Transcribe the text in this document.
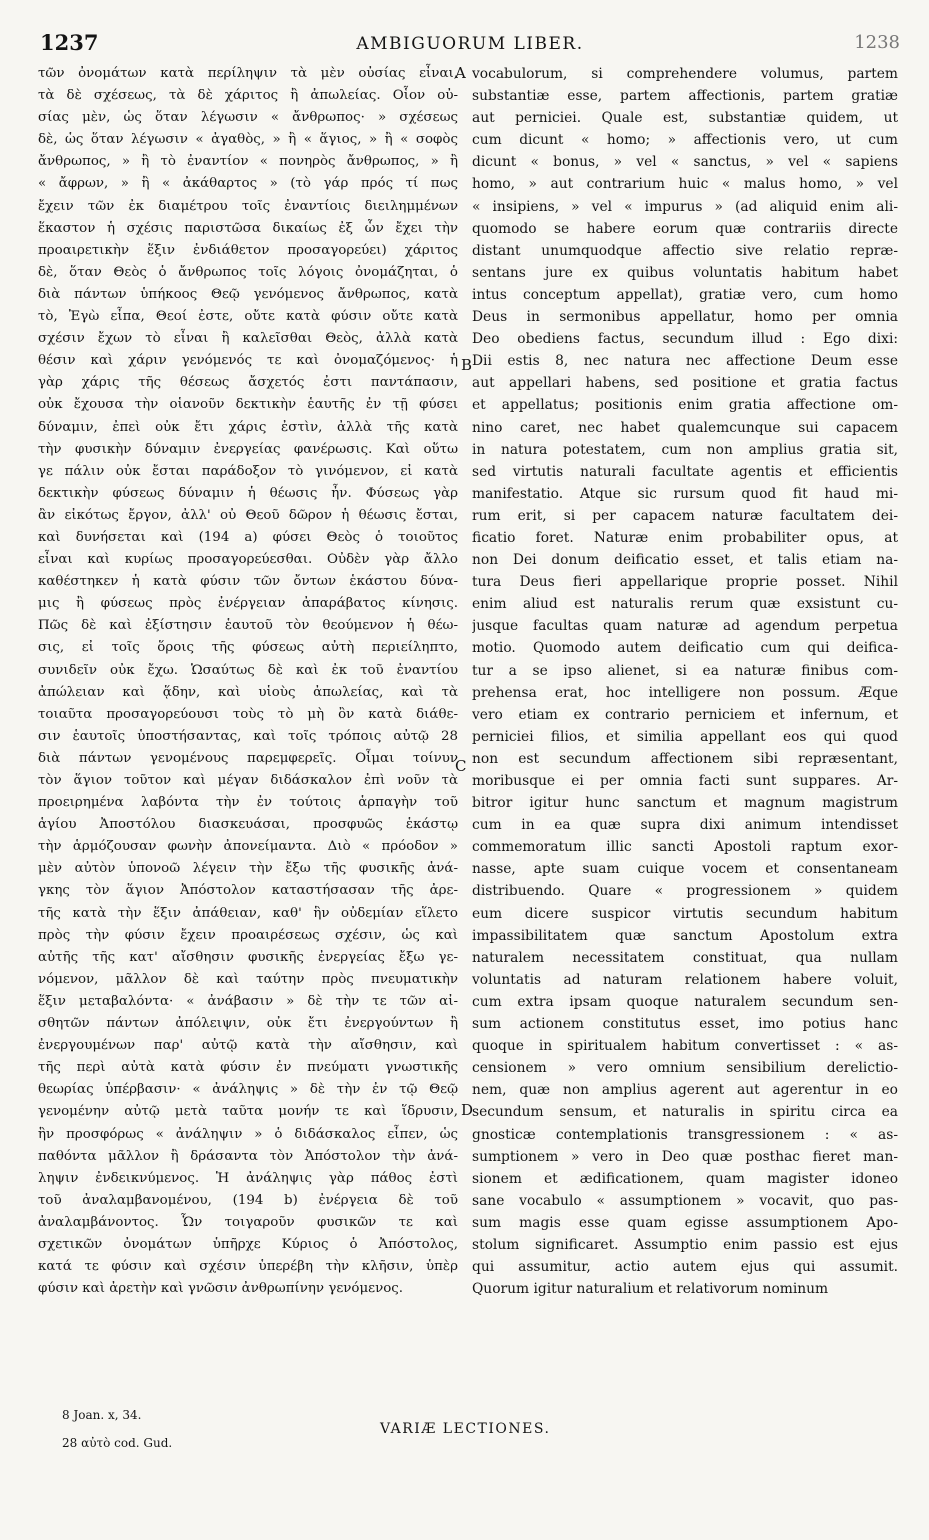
1237	AMBIGUORUM LIBER.	1238
τῶν ὀνομάτων κατὰ περίληψιν τὰ μὲν οὐσίας εἶναι,
τὰ δὲ σχέσεως, τὰ δὲ χάριτος ἢ ἀπωλείας. Οἷον οὐ-
σίας μὲν, ὡς ὅταν λέγωσιν « ἄνθρωπος· » σχέσεως
δὲ, ὡς ὅταν λέγωσιν « ἀγαθὸς, » ἢ « ἅγιος, » ἢ « σοφὸς
ἄνθρωπος, » ἢ τὸ ἐναντίον « πονηρὸς ἄνθρωπος, » ἢ
« ἄφρων, » ἢ « ἀκάθαρτος » (τὸ γάρ πρός τί πως
ἔχειν τῶν ἐκ διαμέτρου τοῖς ἐναντίοις διειλημμένων
ἕκαστον ἡ σχέσις παριστῶσα δικαίως ἐξ ὧν ἔχει τὴν
προαιρετικὴν ἕξιν ἐνδιάθετον προσαγορεύει) χάριτος
δὲ, ὅταν Θεὸς ὁ ἄνθρωπος τοῖς λόγοις ὀνομάζηται, ὁ
διὰ πάντων ὑπήκοος Θεῷ γενόμενος ἄνθρωπος, κατὰ
τὸ, Ἐγὼ εἶπα, Θεοί ἐστε, οὔτε κατὰ φύσιν οὔτε κατὰ
σχέσιν ἔχων τὸ εἶναι ἢ καλεῖσθαι Θεὸς, ἀλλὰ κατὰ
θέσιν καὶ χάριν γενόμενός τε καὶ ὀνομαζόμενος· ἡ
γὰρ χάρις τῆς θέσεως ἄσχετός ἐστι παντάπασιν,
οὐκ ἔχουσα τὴν οἱανοῦν δεκτικὴν ἑαυτῆς ἐν τῇ φύσει
δύναμιν, ἐπεὶ οὐκ ἔτι χάρις ἐστὶν, ἀλλὰ τῆς κατὰ
τὴν φυσικὴν δύναμιν ἐνεργείας φανέρωσις. Καὶ οὕτω
γε πάλιν οὐκ ἔσται παράδοξον τὸ γινόμενον, εἰ κατὰ
δεκτικὴν φύσεως δύναμιν ἡ θέωσις ἦν. Φύσεως γὰρ
ἂν εἰκότως ἔργον, ἀλλ' οὐ Θεοῦ δῶρον ἡ θέωσις ἔσται,
καὶ δυνήσεται καὶ (194 a) φύσει Θεὸς ὁ τοιοῦτος
εἶναι καὶ κυρίως προσαγορεύεσθαι. Οὐδὲν γὰρ ἄλλο
καθέστηκεν ἡ κατὰ φύσιν τῶν ὄντων ἑκάστου δύνα-
μις ἢ φύσεως πρὸς ἐνέργειαν ἀπαράβατος κίνησις.
Πῶς δὲ καὶ ἐξίστησιν ἑαυτοῦ τὸν θεούμενον ἡ θέω-
σις, εἰ τοῖς ὅροις τῆς φύσεως αὐτὴ περιείληπτο,
συνιδεῖν οὐκ ἔχω. Ὡσαύτως δὲ καὶ ἐκ τοῦ ἐναντίου
ἀπώλειαν καὶ ᾅδην, καὶ υἱοὺς ἀπωλείας, καὶ τὰ
τοιαῦτα προσαγορεύουσι τοὺς τὸ μὴ ὂν κατὰ διάθε-
σιν ἑαυτοῖς ὑποστήσαντας, καὶ τοῖς τρόποις αὐτῷ 28
διὰ πάντων γενομένους παρεμφερεῖς. Οἶμαι τοίνυν
τὸν ἅγιον τοῦτον καὶ μέγαν διδάσκαλον ἐπὶ νοῦν τὰ
προειρημένα λαβόντα τὴν ἐν τούτοις ἁρπαγὴν τοῦ
ἁγίου Ἀποστόλου διασκευάσαι, προσφυῶς ἑκάστῳ
τὴν ἁρμόζουσαν φωνὴν ἀπονείμαντα. Διὸ « πρόοδον »
μὲν αὐτὸν ὑπονοῶ λέγειν τὴν ἔξω τῆς φυσικῆς ἀνά-
γκης τὸν ἅγιον Ἀπόστολον καταστήσασαν τῆς ἀρε-
τῆς κατὰ τὴν ἕξιν ἀπάθειαν, καθ' ἣν οὐδεμίαν εἵλετο
πρὸς τὴν φύσιν ἔχειν προαιρέσεως σχέσιν, ὡς καὶ
αὐτῆς τῆς κατ' αἴσθησιν φυσικῆς ἐνεργείας ἔξω γε-
νόμενον, μᾶλλον δὲ καὶ ταύτην πρὸς πνευματικὴν
ἕξιν μεταβαλόντα· « ἀνάβασιν » δὲ τὴν τε τῶν αἰ-
σθητῶν πάντων ἀπόλειψιν, οὐκ ἔτι ἐνεργούντων ἢ
ἐνεργουμένων παρ' αὐτῷ κατὰ τὴν αἴσθησιν, καὶ
τῆς περὶ αὐτὰ κατὰ φύσιν ἐν πνεύματι γνωστικῆς
θεωρίας ὑπέρβασιν· « ἀνάληψις » δὲ τὴν ἐν τῷ Θεῷ
γενομένην αὐτῷ μετὰ ταῦτα μονήν τε καὶ ἵδρυσιν,
ἣν προσφόρως « ἀνάληψιν » ὁ διδάσκαλος εἶπεν, ὡς
παθόντα μᾶλλον ἢ δράσαντα τὸν Ἀπόστολον τὴν ἀνά-
ληψιν ἐνδεικνύμενος. Ἡ ἀνάληψις γὰρ πάθος ἐστὶ
τοῦ ἀναλαμβανομένου, (194 b) ἐνέργεια δὲ τοῦ
ἀναλαμβάνοντος. Ὧν τοιγαροῦν φυσικῶν τε καὶ
σχετικῶν ὀνομάτων ὑπῆρχε Κύριος ὁ Ἀπόστολος,
κατά τε φύσιν καὶ σχέσιν ὑπερέβη τὴν κλῆσιν, ὑπὲρ
φύσιν καὶ ἀρετὴν καὶ γνῶσιν ἀνθρωπίνην γενόμενος.
vocabulorum, si comprehendere volumus, partem
substantiæ esse, partem affectionis, partem gratiæ
aut perniciei. Quale est, substantiæ quidem, ut
cum dicunt « homo; » affectionis vero, ut cum
dicunt « bonus, » vel « sanctus, » vel « sapiens
homo, » aut contrarium huic « malus homo, » vel
« insipiens, » vel « impurus » (ad aliquid enim ali-
quomodo se habere eorum quæ contrariis directe
distant unumquodque affectio sive relatio repræ-
sentans jure ex quibus voluntatis habitum habet
intus conceptum appellat), gratiæ vero, cum homo
Deus in sermonibus appellatur, homo per omnia
Deo obediens factus, secundum illud : Ego dixi:
Dii estis 8, nec natura nec affectione Deum esse
aut appellari habens, sed positione et gratia factus
et appellatus; positionis enim gratia affectione om-
nino caret, nec habet qualemcunque sui capacem
in natura potestatem, cum non amplius gratia sit,
sed virtutis naturali facultate agentis et efficientis
manifestatio. Atque sic rursum quod fit haud mi-
rum erit, si per capacem naturæ facultatem dei-
ficatio foret. Naturæ enim probabiliter opus, at
non Dei donum deificatio esset, et talis etiam na-
tura Deus fieri appellarique proprie posset. Nihil
enim aliud est naturalis rerum quæ exsistunt cu-
jusque facultas quam naturæ ad agendum perpetua
motio. Quomodo autem deificatio cum qui deifica-
tur a se ipso alienet, si ea naturæ finibus com-
prehensa erat, hoc intelligere non possum. Æque
vero etiam ex contrario perniciem et infernum, et
perniciei filios, et similia appellant eos qui quod
non est secundum affectionem sibi repræsentant,
moribusque ei per omnia facti sunt suppares. Ar-
bitror igitur hunc sanctum et magnum magistrum
cum in ea quæ supra dixi animum intendisset
commemoratum illic sancti Apostoli raptum exor-
nasse, apte suam cuique vocem et consentaneam
distribuendo. Quare « progressionem » quidem
eum dicere suspicor virtutis secundum habitum
impassibilitatem quæ sanctum Apostolum extra
naturalem necessitatem constituat, qua nullam
voluntatis ad naturam relationem habere voluit,
cum extra ipsam quoque naturalem secundum sen-
sum actionem constitutus esset, imo potius hanc
quoque in spiritualem habitum convertisset : « as-
censionem » vero omnium sensibilium derelictio-
nem, quæ non amplius agerent aut agerentur in eo
secundum sensum, et naturalis in spiritu circa ea
gnosticæ contemplationis transgressionem : « as-
sumptionem » vero in Deo quæ posthac fieret man-
sionem et ædificationem, quam magister idoneo
sane vocabulo « assumptionem » vocavit, quo pas-
sum magis esse quam egisse assumptionem Apo-
stolum significaret. Assumptio enim passio est ejus
qui assumitur, actio autem ejus qui assumit.
Quorum igitur naturalium et relativorum nominum
A
B
C
D
8 Joan. x, 34.
28 αὐτὸ cod. Gud.
VARIÆ LECTIONES.
